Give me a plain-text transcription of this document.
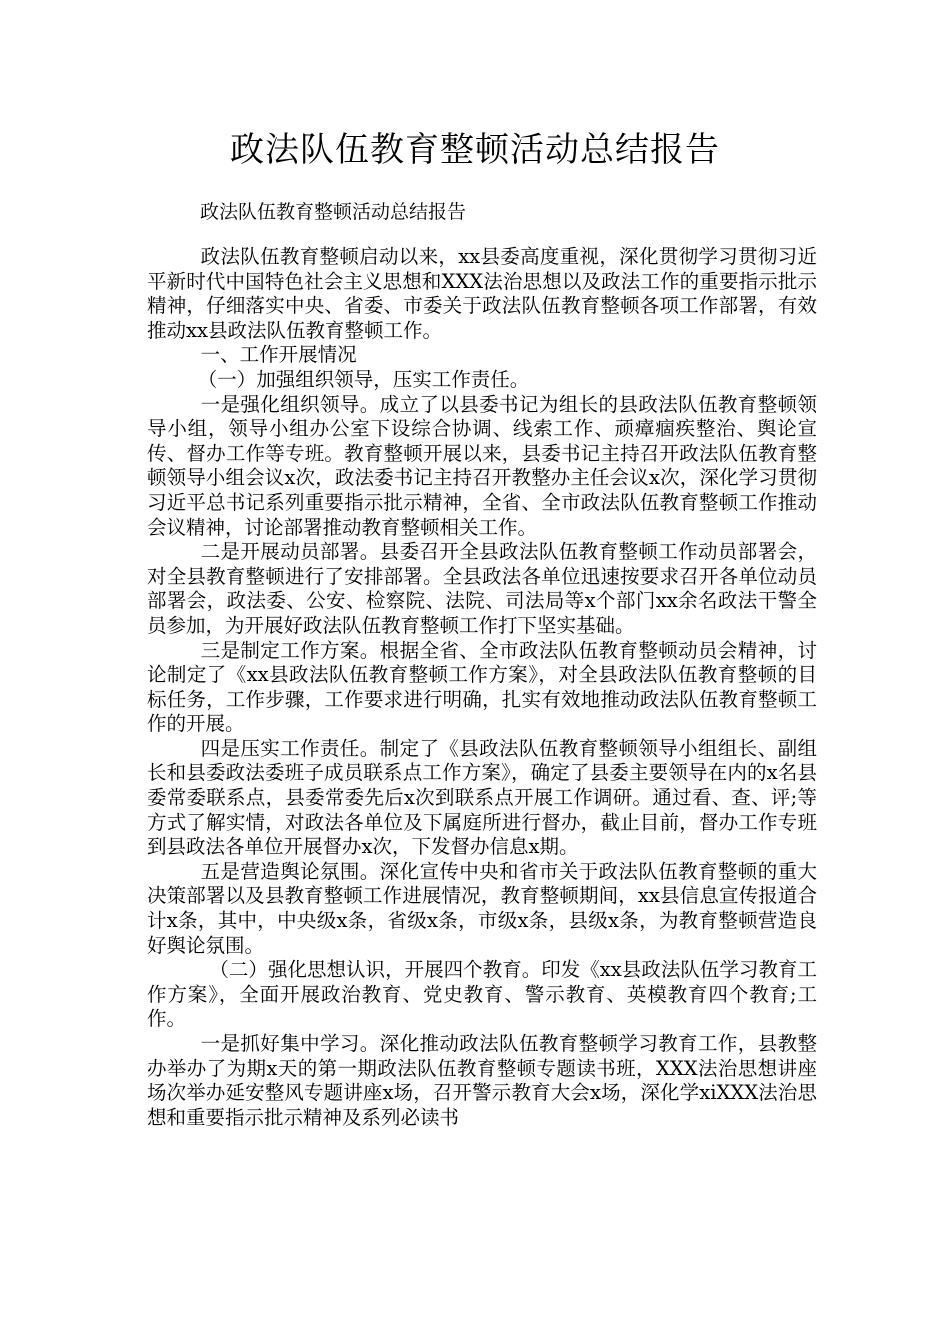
政法队伍教育整顿活动总结报告
政法队伍教育整顿活动总结报告

政法队伍教育整顿启动以来，xx县委高度重视，深化贯彻学习贯彻习近平新时代中国特色社会主义思想和XXX法治思想以及政法工作的重要指示批示精神，仔细落实中央、省委、市委关于政法队伍教育整顿各项工作部署，有效推动xx县政法队伍教育整顿工作。

一、工作开展情况

（一）加强组织领导，压实工作责任。

一是强化组织领导。成立了以县委书记为组长的县政法队伍教育整顿领导小组，领导小组办公室下设综合协调、线索工作、顽瘴痼疾整治、舆论宣传、督办工作等专班。教育整顿开展以来，县委书记主持召开政法队伍教育整顿领导小组会议x次，政法委书记主持召开教整办主任会议x次，深化学习贯彻习近平总书记系列重要指示批示精神，全省、全市政法队伍教育整顿工作推动会议精神，讨论部署推动教育整顿相关工作。

二是开展动员部署。县委召开全县政法队伍教育整顿工作动员部署会，对全县教育整顿进行了安排部署。全县政法各单位迅速按要求召开各单位动员部署会，政法委、公安、检察院、法院、司法局等x个部门xx余名政法干警全员参加，为开展好政法队伍教育整顿工作打下坚实基础。

三是制定工作方案。根据全省、全市政法队伍教育整顿动员会精神，讨论制定了《xx县政法队伍教育整顿工作方案》，对全县政法队伍教育整顿的目标任务，工作步骤，工作要求进行明确，扎实有效地推动政法队伍教育整顿工作的开展。

四是压实工作责任。制定了《县政法队伍教育整顿领导小组组长、副组长和县委政法委班子成员联系点工作方案》，确定了县委主要领导在内的x名县委常委联系点，县委常委先后x次到联系点开展工作调研。通过看、查、评;等方式了解实情，对政法各单位及下属庭所进行督办，截止目前，督办工作专班到县政法各单位开展督办x次，下发督办信息x期。

五是营造舆论氛围。深化宣传中央和省市关于政法队伍教育整顿的重大决策部署以及县教育整顿工作进展情况，教育整顿期间，xx县信息宣传报道合计x条，其中，中央级x条，省级x条，市级x条，县级x条，为教育整顿营造良好舆论氛围。

（二）强化思想认识，开展四个教育。印发《xx县政法队伍学习教育工作方案》，全面开展政治教育、党史教育、警示教育、英模教育四个教育;工作。

一是抓好集中学习。深化推动政法队伍教育整顿学习教育工作，县教整办举办了为期x天的第一期政法队伍教育整顿专题读书班，XXX法治思想讲座场次举办延安整风专题讲座x场，召开警示教育大会x场，深化学xiXXX法治思想和重要指示批示精神及系列必读书
